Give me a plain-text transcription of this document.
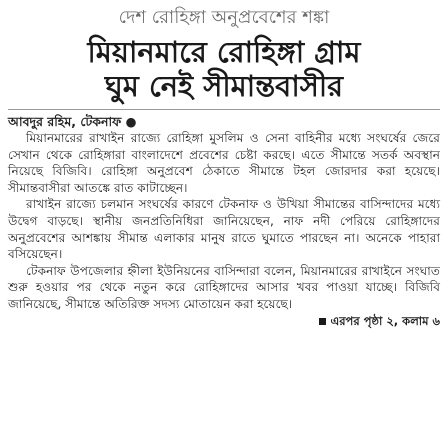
দেশ রোহিঙ্গা অনুপ্রবেশের শঙ্কা
মিয়ানমারে রোহিঙ্গা গ্রাম
ঘুম নেই সীমান্তবাসীর
আবদুর রহিম, টেকনাফ ●

মিয়ানমারের রাখাইন রাজ্যে রোহিঙ্গা মুসলিম ও সেনা বাহিনীর মধ্যে সংঘর্ষের জেরে সেখান থেকে রোহিঙ্গারা বাংলাদেশে প্রবেশের চেষ্টা করছে। এতে সীমান্তে সতর্ক অবস্থান নিয়েছে বিজিবি। রোহিঙ্গা অনুপ্রবেশ ঠেকাতে সীমান্তে টহল জোরদার করা হয়েছে। সীমান্তবাসীরা আতঙ্কে রাত কাটাচ্ছেন।

রাখাইন রাজ্যে চলমান সংঘর্ষের কারণে টেকনাফ ও উখিয়া সীমান্তের বাসিন্দাদের মধ্যে উদ্বেগ বাড়ছে। স্থানীয় জনপ্রতিনিধিরা জানিয়েছেন, নাফ নদী পেরিয়ে রোহিঙ্গাদের অনুপ্রবেশের আশঙ্কায় সীমান্ত এলাকার মানুষ রাতে ঘুমাতে পারছেন না। অনেকে পাহারা বসিয়েছেন।

টেকনাফ উপজেলার হ্নীলা ইউনিয়নের বাসিন্দারা বলেন, মিয়ানমারের রাখাইনে সংঘাত শুরু হওয়ার পর থেকে নতুন করে রোহিঙ্গাদের আসার খবর পাওয়া যাচ্ছে। বিজিবি জানিয়েছে, সীমান্তে অতিরিক্ত সদস্য মোতায়েন করা হয়েছে।

এরপর পৃষ্ঠা ২, কলাম ৬
